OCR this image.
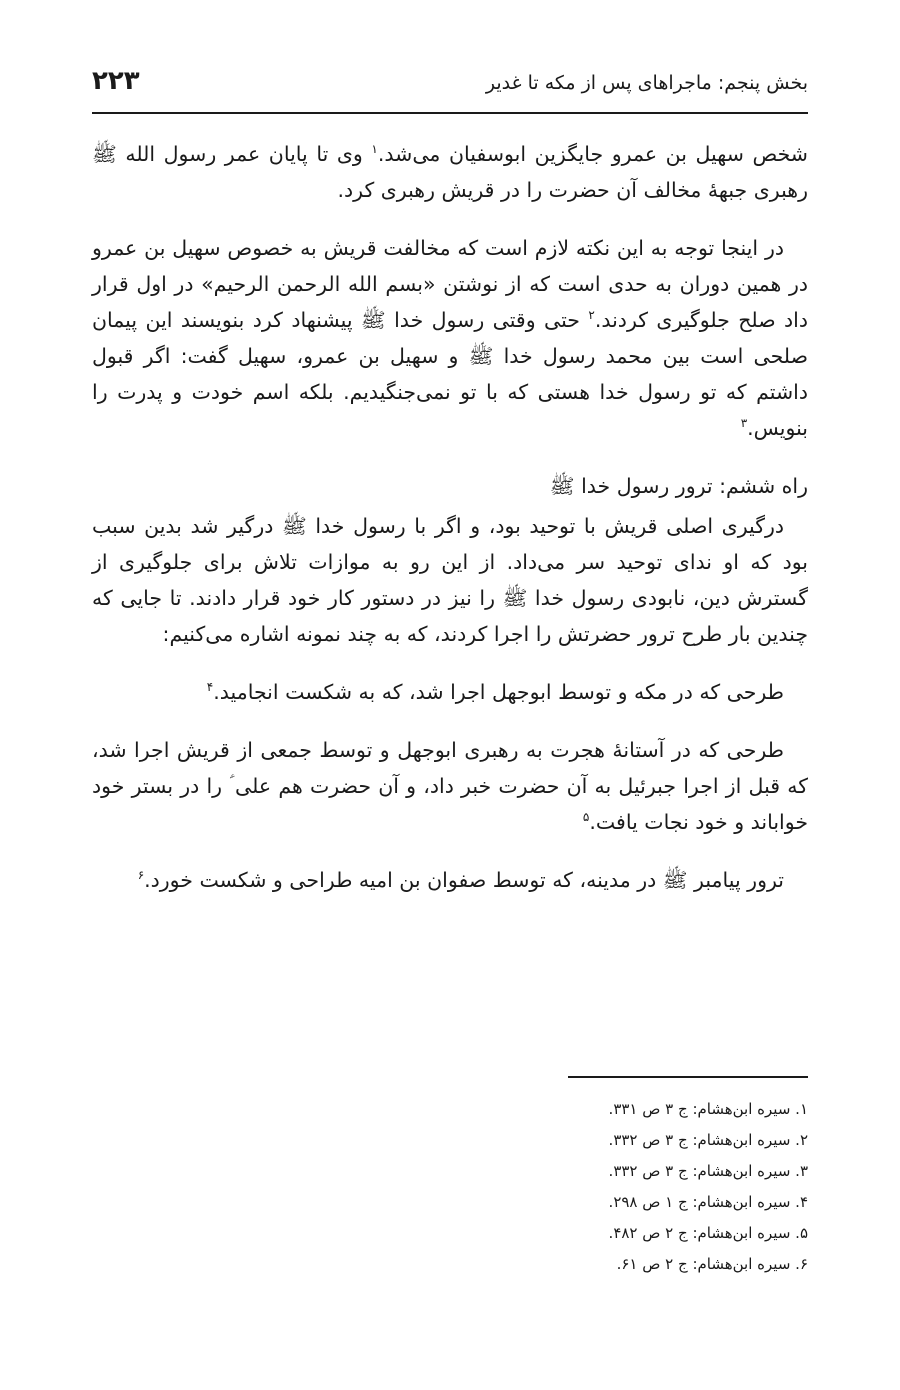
بخش پنجم: ماجراهای پس از مکه تا غدیر
۲۲۳

شخص سهیل بن عمرو جایگزین ابوسفیان می‌شد.$^۱$ وی تا پایان عمر رسول الله ﷺ رهبری جبهۀ مخالف آن حضرت را در قریش رهبری کرد.

در اینجا توجه به این نکته لازم است که مخالفت قریش به خصوص سهیل بن عمرو در همین دوران به حدی است که از نوشتن «بسم الله الرحمن الرحیم» در اول قرار داد صلح جلوگیری کردند.$^۲$ حتی وقتی رسول خدا ﷺ پیشنهاد کرد بنویسند این پیمان صلحی است بین محمد رسول خدا ﷺ و سهیل بن عمرو، سهیل گفت: اگر قبول داشتم که تو رسول خدا هستی که با تو نمی‌جنگیدیم. بلکه اسم خودت و پدرت را بنویس.$^۳$

راه ششم: ترور رسول خدا ﷺ

درگیری اصلی قریش با توحید بود، و اگر با رسول خدا ﷺ درگیر شد بدین سبب بود که او ندای توحید سر می‌داد. از این رو به موازات تلاش برای جلوگیری از گسترش دین، نابودی رسول خدا ﷺ را نیز در دستور کار خود قرار دادند. تا جایی که چندین بار طرح ترور حضرتش را اجرا کردند، که به چند نمونه اشاره می‌کنیم:

طرحی که در مکه و توسط ابوجهل اجرا شد، که به شکست انجامید.$^۴$

طرحی که در آستانۀ هجرت به رهبری ابوجهل و توسط جمعی از قریش اجرا شد، که قبل از اجرا جبرئیل به آن حضرت خبر داد، و آن حضرت هم علی ؑ را در بستر خود خواباند و خود نجات یافت.$^۵$

ترور پیامبر ﷺ در مدینه، که توسط صفوان بن امیه طراحی و شکست خورد.$^۶$

۱. سیره ابن‌هشام: ج ۳ ص ۳۳۱.
۲. سیره ابن‌هشام: ج ۳ ص ۳۳۲.
۳. سیره ابن‌هشام: ج ۳ ص ۳۳۲.
۴. سیره ابن‌هشام: ج ۱ ص ۲۹۸.
۵. سیره ابن‌هشام: ج ۲ ص ۴۸۲.
۶. سیره ابن‌هشام: ج ۲ ص ۶۱.
